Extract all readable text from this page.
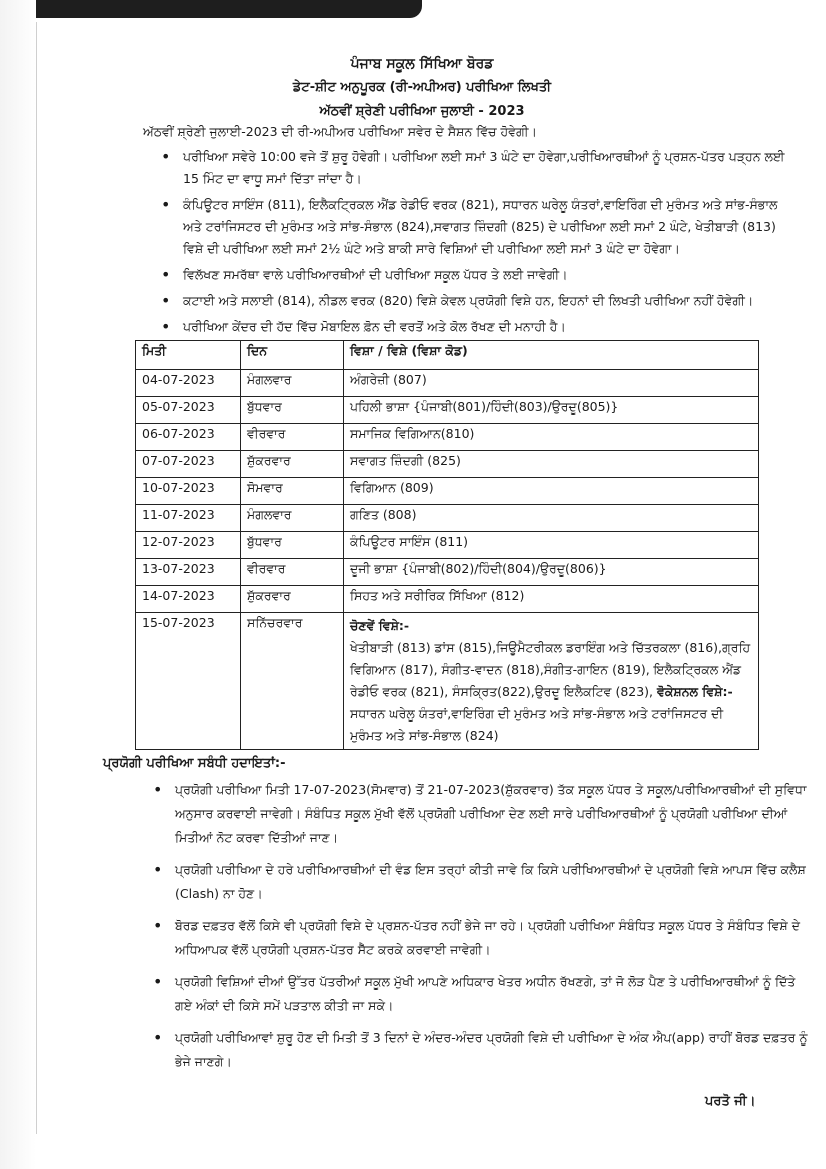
ਪੰਜਾਬ ਸਕੂਲ ਸਿੱਖਿਆ ਬੋਰਡ
ਡੇਟ-ਸ਼ੀਟ ਅਨੁਪੂਰਕ (ਰੀ-ਅਪੀਅਰ) ਪਰੀਖਿਆ ਲਿਖਤੀ
ਅੱਠਵੀਂ ਸ਼੍ਰੇਣੀ ਪਰੀਖਿਆ ਜੁਲਾਈ - 2023
ਅੱਠਵੀਂ ਸ਼੍ਰੇਣੀ ਜੁਲਾਈ-2023 ਦੀ ਰੀ-ਅਪੀਅਰ ਪਰੀਖਿਆ ਸਵੇਰ ਦੇ ਸੈਸ਼ਨ ਵਿੱਚ ਹੋਵੇਗੀ।
• ਪਰੀਖਿਆ ਸਵੇਰੇ 10:00 ਵਜੇ ਤੋਂ ਸ਼ੁਰੂ ਹੋਵੇਗੀ। ਪਰੀਖਿਆ ਲਈ ਸਮਾਂ 3 ਘੰਟੇ ਦਾ ਹੋਵੇਗਾ,ਪਰੀਖਿਆਰਥੀਆਂ ਨੂੰ ਪ੍ਰਸ਼ਨ-ਪੱਤਰ ਪੜ੍ਹਨ ਲਈ 15 ਮਿੰਟ ਦਾ ਵਾਧੂ ਸਮਾਂ ਦਿੱਤਾ ਜਾਂਦਾ ਹੈ।
• ਕੰਪਿਊਟਰ ਸਾਇੰਸ (811), ਇਲੈਕਟ੍ਰਿਕਲ ਐਂਡ ਰੇਡੀਓ ਵਰਕ (821), ਸਧਾਰਨ ਘਰੇਲੂ ਯੰਤਰਾਂ,ਵਾਇਰਿੰਗ ਦੀ ਮੁਰੰਮਤ ਅਤੇ ਸਾਂਭ-ਸੰਭਾਲ ਅਤੇ ਟਰਾਂਜਿਸਟਰ ਦੀ ਮੁਰੰਮਤ ਅਤੇ ਸਾਂਭ-ਸੰਭਾਲ (824),ਸਵਾਗਤ ਜ਼ਿੰਦਗੀ (825) ਦੇ ਪਰੀਖਿਆ ਲਈ ਸਮਾਂ 2 ਘੰਟੇ, ਖੇਤੀਬਾੜੀ (813) ਵਿਸ਼ੇ ਦੀ ਪਰੀਖਿਆ ਲਈ ਸਮਾਂ 2½ ਘੰਟੇ ਅਤੇ ਬਾਕੀ ਸਾਰੇ ਵਿਸ਼ਿਆਂ ਦੀ ਪਰੀਖਿਆ ਲਈ ਸਮਾਂ 3 ਘੰਟੇ ਦਾ ਹੋਵੇਗਾ।
• ਵਿਲੱਖਣ ਸਮਰੱਥਾ ਵਾਲੇ ਪਰੀਖਿਆਰਥੀਆਂ ਦੀ ਪਰੀਖਿਆ ਸਕੂਲ ਪੱਧਰ ਤੇ ਲਈ ਜਾਵੇਗੀ।
• ਕਟਾਈ ਅਤੇ ਸਲਾਈ (814), ਨੀਡਲ ਵਰਕ (820) ਵਿਸ਼ੇ ਕੇਵਲ ਪ੍ਰਯੋਗੀ ਵਿਸ਼ੇ ਹਨ, ਇਹਨਾਂ ਦੀ ਲਿਖਤੀ ਪਰੀਖਿਆ ਨਹੀਂ ਹੋਵੇਗੀ।
• ਪਰੀਖਿਆ ਕੇਂਦਰ ਦੀ ਹੱਦ ਵਿੱਚ ਮੋਬਾਇਲ ਫ਼ੋਨ ਦੀ ਵਰਤੋਂ ਅਤੇ ਕੋਲ ਰੱਖਣ ਦੀ ਮਨਾਹੀ ਹੈ।
ਮਿਤੀ	ਦਿਨ	ਵਿਸ਼ਾ / ਵਿਸ਼ੇ (ਵਿਸ਼ਾ ਕੋਡ)
04-07-2023	ਮੰਗਲਵਾਰ	ਅੰਗਰੇਜ਼ੀ (807)
05-07-2023	ਬੁੱਧਵਾਰ	ਪਹਿਲੀ ਭਾਸ਼ਾ {ਪੰਜਾਬੀ(801)/ਹਿੰਦੀ(803)/ਉਰਦੂ(805)}
06-07-2023	ਵੀਰਵਾਰ	ਸਮਾਜਿਕ ਵਿਗਿਆਨ(810)
07-07-2023	ਸ਼ੁੱਕਰਵਾਰ	ਸਵਾਗਤ ਜ਼ਿੰਦਗੀ (825)
10-07-2023	ਸੋਮਵਾਰ	ਵਿਗਿਆਨ (809)
11-07-2023	ਮੰਗਲਵਾਰ	ਗਣਿਤ (808)
12-07-2023	ਬੁੱਧਵਾਰ	ਕੰਪਿਊਟਰ ਸਾਇੰਸ (811)
13-07-2023	ਵੀਰਵਾਰ	ਦੂਜੀ ਭਾਸ਼ਾ {ਪੰਜਾਬੀ(802)/ਹਿੰਦੀ(804)/ਉਰਦੂ(806)}
14-07-2023	ਸ਼ੁੱਕਰਵਾਰ	ਸਿਹਤ ਅਤੇ ਸਰੀਰਿਕ ਸਿੱਖਿਆ (812)
15-07-2023	ਸਨਿੱਚਰਵਾਰ	ਚੋਣਵੇਂ ਵਿਸ਼ੇ:-
ਖੇਤੀਬਾੜੀ (813) ਡਾਂਸ (815),ਜਿਊਮੈਟਰੀਕਲ ਡਰਾਇੰਗ ਅਤੇ ਚਿੱਤਰਕਲਾ (816),ਗ੍ਰਹਿ ਵਿਗਿਆਨ (817), ਸੰਗੀਤ-ਵਾਦਨ (818),ਸੰਗੀਤ-ਗਾਇਨ (819), ਇਲੈਕਟ੍ਰਿਕਲ ਐਂਡ ਰੇਡੀਓ ਵਰਕ (821), ਸੰਸਕ੍ਰਿਤ(822),ਉਰਦੂ ਇਲੈਕਟਿਵ (823), ਵੋਕੇਸ਼ਨਲ ਵਿਸ਼ੇ:- ਸਧਾਰਨ ਘਰੇਲੂ ਯੰਤਰਾਂ,ਵਾਇਰਿੰਗ ਦੀ ਮੁਰੰਮਤ ਅਤੇ ਸਾਂਭ-ਸੰਭਾਲ ਅਤੇ ਟਰਾਂਜਿਸਟਰ ਦੀ ਮੁਰੰਮਤ ਅਤੇ ਸਾਂਭ-ਸੰਭਾਲ (824)
ਪ੍ਰਯੋਗੀ ਪਰੀਖਿਆ ਸਬੰਧੀ ਹਦਾਇਤਾਂ:-
• ਪ੍ਰਯੋਗੀ ਪਰੀਖਿਆ ਮਿਤੀ 17-07-2023(ਸੋਮਵਾਰ) ਤੋਂ 21-07-2023(ਸ਼ੁੱਕਰਵਾਰ) ਤੱਕ ਸਕੂਲ ਪੱਧਰ ਤੇ ਸਕੂਲ/ਪਰੀਖਿਆਰਥੀਆਂ ਦੀ ਸੁਵਿਧਾ ਅਨੁਸਾਰ ਕਰਵਾਈ ਜਾਵੇਗੀ। ਸੰਬੰਧਿਤ ਸਕੂਲ ਮੁੱਖੀ ਵੱਲੋਂ ਪ੍ਰਯੋਗੀ ਪਰੀਖਿਆ ਦੇਣ ਲਈ ਸਾਰੇ ਪਰੀਖਿਆਰਥੀਆਂ ਨੂੰ ਪ੍ਰਯੋਗੀ ਪਰੀਖਿਆ ਦੀਆਂ ਮਿਤੀਆਂ ਨੋਟ ਕਰਵਾ ਦਿੱਤੀਆਂ ਜਾਣ।
• ਪ੍ਰਯੋਗੀ ਪਰੀਖਿਆ ਦੇ ਹਰੇ ਪਰੀਖਿਆਰਥੀਆਂ ਦੀ ਵੰਡ ਇਸ ਤਰ੍ਹਾਂ ਕੀਤੀ ਜਾਵੇ ਕਿ ਕਿਸੇ ਪਰੀਖਿਆਰਥੀਆਂ ਦੇ ਪ੍ਰਯੋਗੀ ਵਿਸ਼ੇ ਆਪਸ ਵਿੱਚ ਕਲੈਸ਼ (Clash) ਨਾ ਹੋਣ।
• ਬੋਰਡ ਦਫ਼ਤਰ ਵੱਲੋਂ ਕਿਸੇ ਵੀ ਪ੍ਰਯੋਗੀ ਵਿਸ਼ੇ ਦੇ ਪ੍ਰਸ਼ਨ-ਪੱਤਰ ਨਹੀਂ ਭੇਜੇ ਜਾ ਰਹੇ। ਪ੍ਰਯੋਗੀ ਪਰੀਖਿਆ ਸੰਬੰਧਿਤ ਸਕੂਲ ਪੱਧਰ ਤੇ ਸੰਬੰਧਿਤ ਵਿਸ਼ੇ ਦੇ ਅਧਿਆਪਕ ਵੱਲੋਂ ਪ੍ਰਯੋਗੀ ਪ੍ਰਸ਼ਨ-ਪੱਤਰ ਸੈੱਟ ਕਰਕੇ ਕਰਵਾਈ ਜਾਵੇਗੀ।
• ਪ੍ਰਯੋਗੀ ਵਿਸ਼ਿਆਂ ਦੀਆਂ ਉੱਤਰ ਪੱਤਰੀਆਂ ਸਕੂਲ ਮੁੱਖੀ ਆਪਣੇ ਅਧਿਕਾਰ ਖੇਤਰ ਅਧੀਨ ਰੱਖਣਗੇ, ਤਾਂ ਜੋ ਲੋੜ ਪੈਣ ਤੇ ਪਰੀਖਿਆਰਥੀਆਂ ਨੂੰ ਦਿੱਤੇ ਗਏ ਅੰਕਾਂ ਦੀ ਕਿਸੇ ਸਮੇਂ ਪੜਤਾਲ ਕੀਤੀ ਜਾ ਸਕੇ।
• ਪ੍ਰਯੋਗੀ ਪਰੀਖਿਆਵਾਂ ਸ਼ੁਰੂ ਹੋਣ ਦੀ ਮਿਤੀ ਤੋਂ 3 ਦਿਨਾਂ ਦੇ ਅੰਦਰ-ਅੰਦਰ ਪ੍ਰਯੋਗੀ ਵਿਸ਼ੇ ਦੀ ਪਰੀਖਿਆ ਦੇ ਅੰਕ ਐਪ(app) ਰਾਹੀਂ ਬੋਰਡ ਦਫ਼ਤਰ ਨੂੰ ਭੇਜੇ ਜਾਣਗੇ।
ਪਰਤੋ ਜੀ।
